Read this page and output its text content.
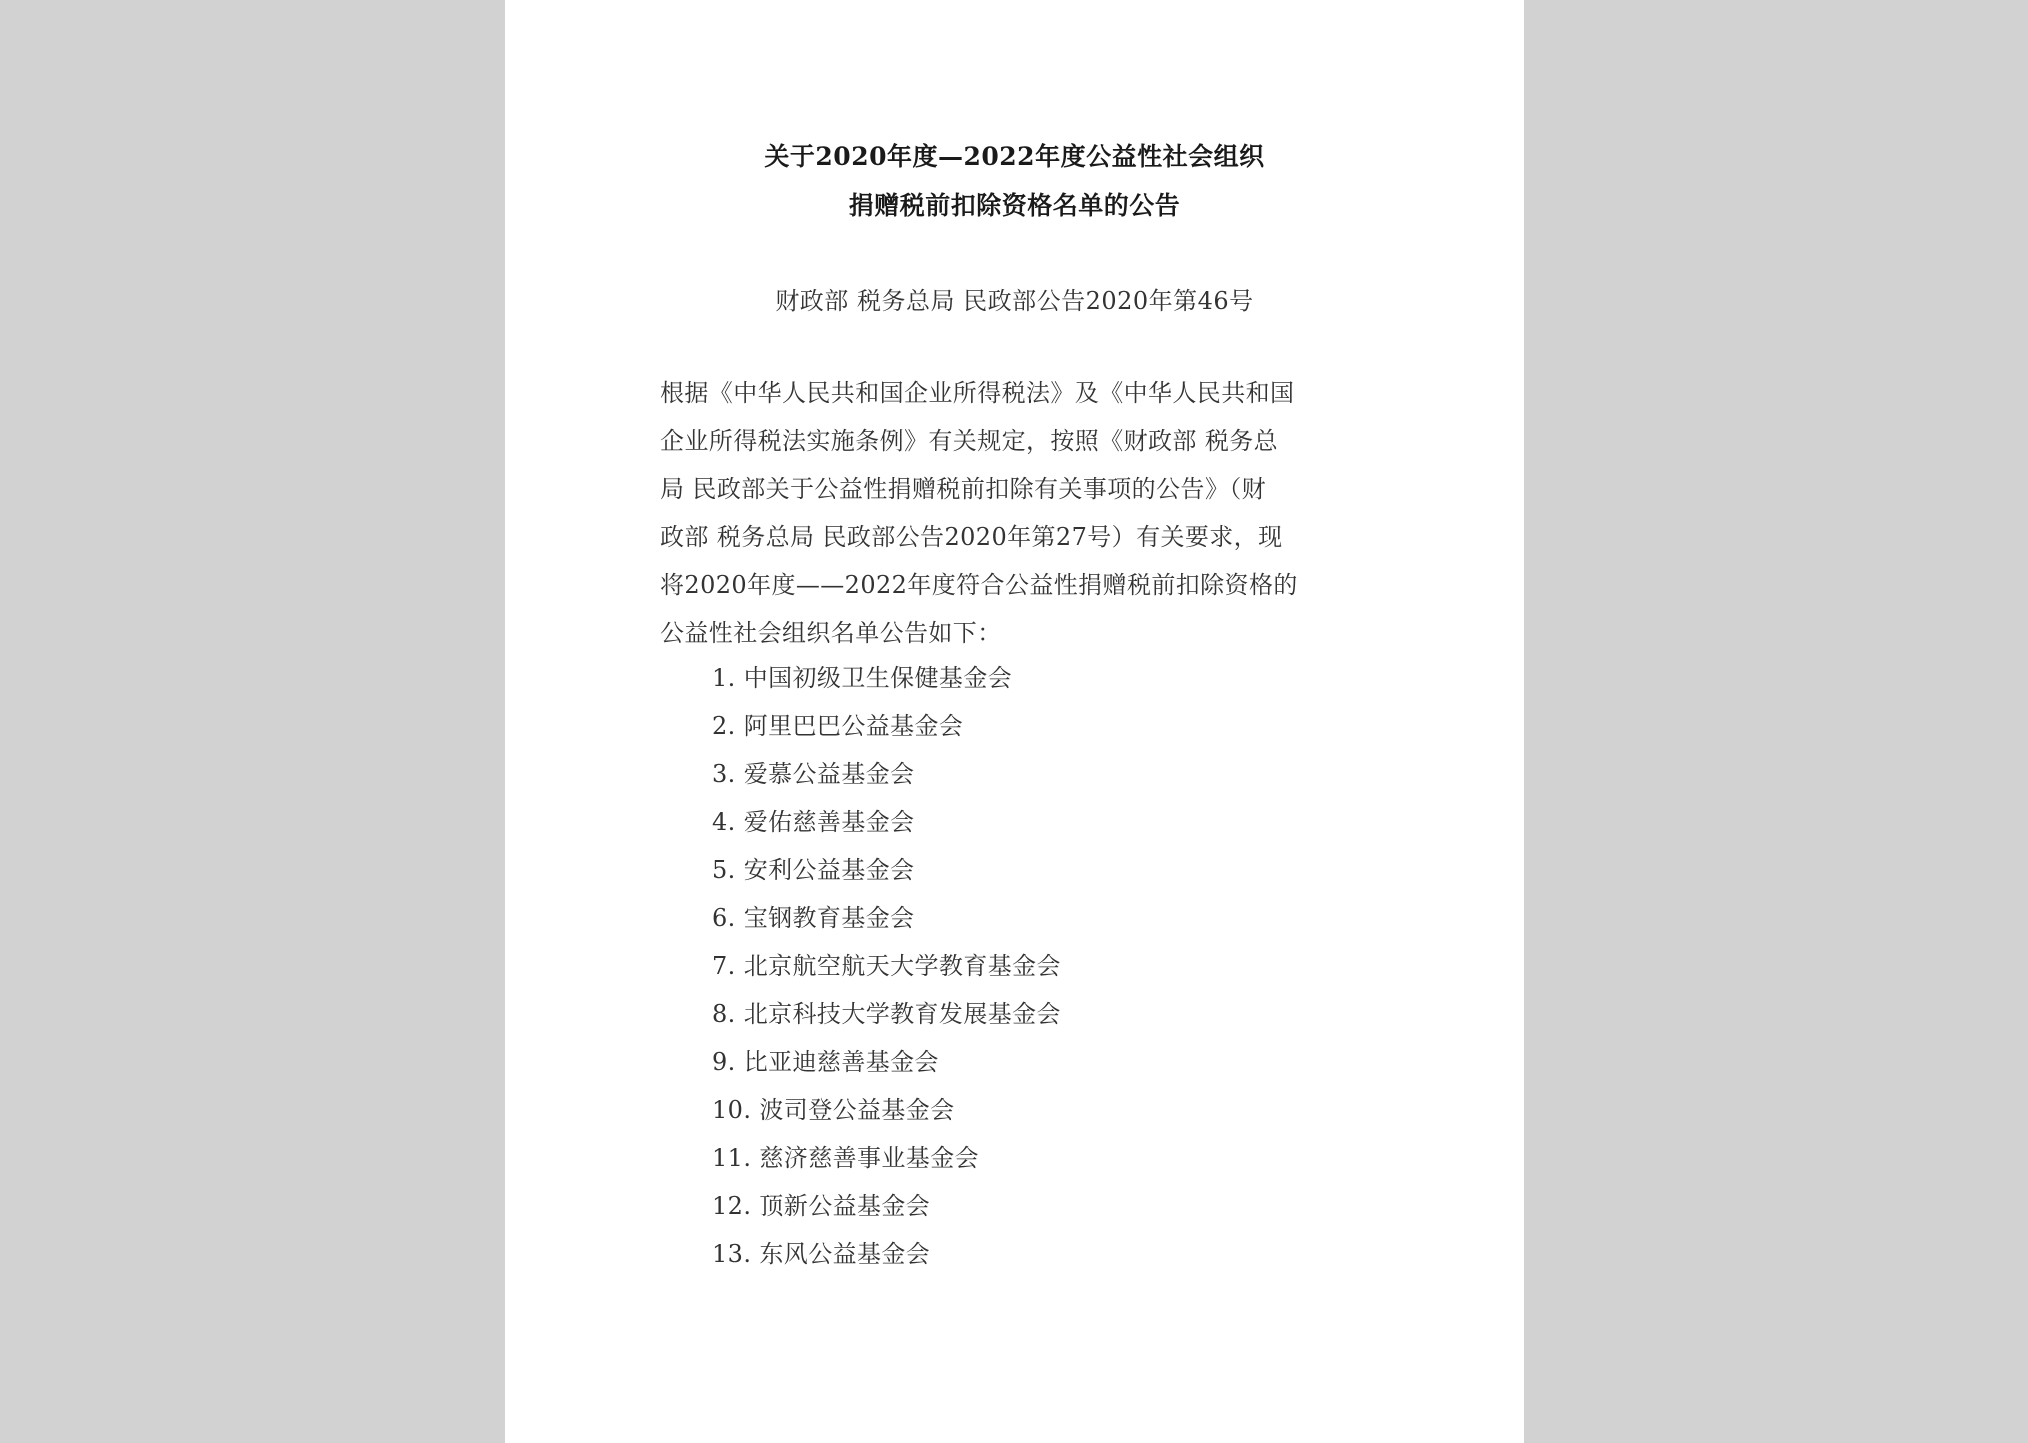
关于2020年度—2022年度公益性社会组织
捐赠税前扣除资格名单的公告
财政部 税务总局 民政部公告2020年第46号
根据《中华人民共和国企业所得税法》及《中华人民共和国
企业所得税法实施条例》有关规定，按照《财政部 税务总
局 民政部关于公益性捐赠税前扣除有关事项的公告》（财
政部 税务总局 民政部公告2020年第27号）有关要求，现
将2020年度——2022年度符合公益性捐赠税前扣除资格的
公益性社会组织名单公告如下：
1. 中国初级卫生保健基金会
2. 阿里巴巴公益基金会
3. 爱慕公益基金会
4. 爱佑慈善基金会
5. 安利公益基金会
6. 宝钢教育基金会
7. 北京航空航天大学教育基金会
8. 北京科技大学教育发展基金会
9. 比亚迪慈善基金会
10. 波司登公益基金会
11. 慈济慈善事业基金会
12. 顶新公益基金会
13. 东风公益基金会
